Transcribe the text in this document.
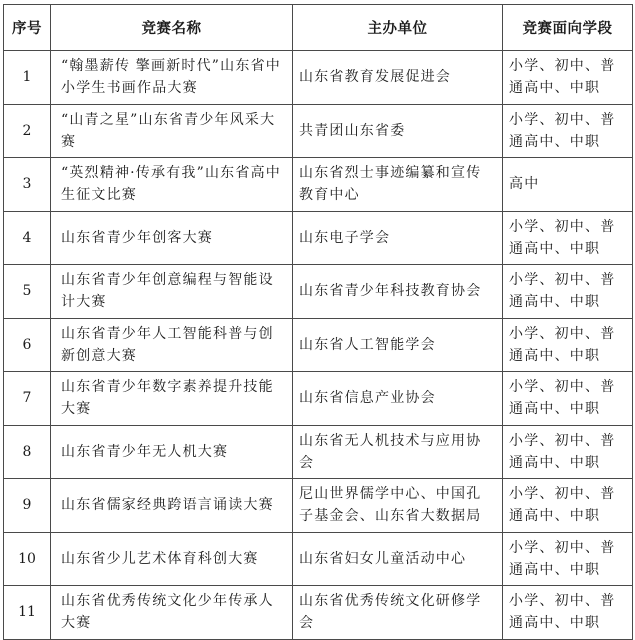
序号	竞赛名称	主办单位	竞赛面向学段
1	“翰墨薪传 擎画新时代”山东省中小学生书画作品大赛	山东省教育发展促进会	小学、初中、普通高中、中职
2	“山青之星”山东省青少年风采大赛	共青团山东省委	小学、初中、普通高中、中职
3	“英烈精神·传承有我”山东省高中生征文比赛	山东省烈士事迹编纂和宣传教育中心	高中
4	山东省青少年创客大赛	山东电子学会	小学、初中、普通高中、中职
5	山东省青少年创意编程与智能设计大赛	山东省青少年科技教育协会	小学、初中、普通高中、中职
6	山东省青少年人工智能科普与创新创意大赛	山东省人工智能学会	小学、初中、普通高中、中职
7	山东省青少年数字素养提升技能大赛	山东省信息产业协会	小学、初中、普通高中、中职
8	山东省青少年无人机大赛	山东省无人机技术与应用协会	小学、初中、普通高中、中职
9	山东省儒家经典跨语言诵读大赛	尼山世界儒学中心、中国孔子基金会、山东省大数据局	小学、初中、普通高中、中职
10	山东省少儿艺术体育科创大赛	山东省妇女儿童活动中心	小学、初中、普通高中、中职
11	山东省优秀传统文化少年传承人大赛	山东省优秀传统文化研修学会	小学、初中、普通高中、中职
